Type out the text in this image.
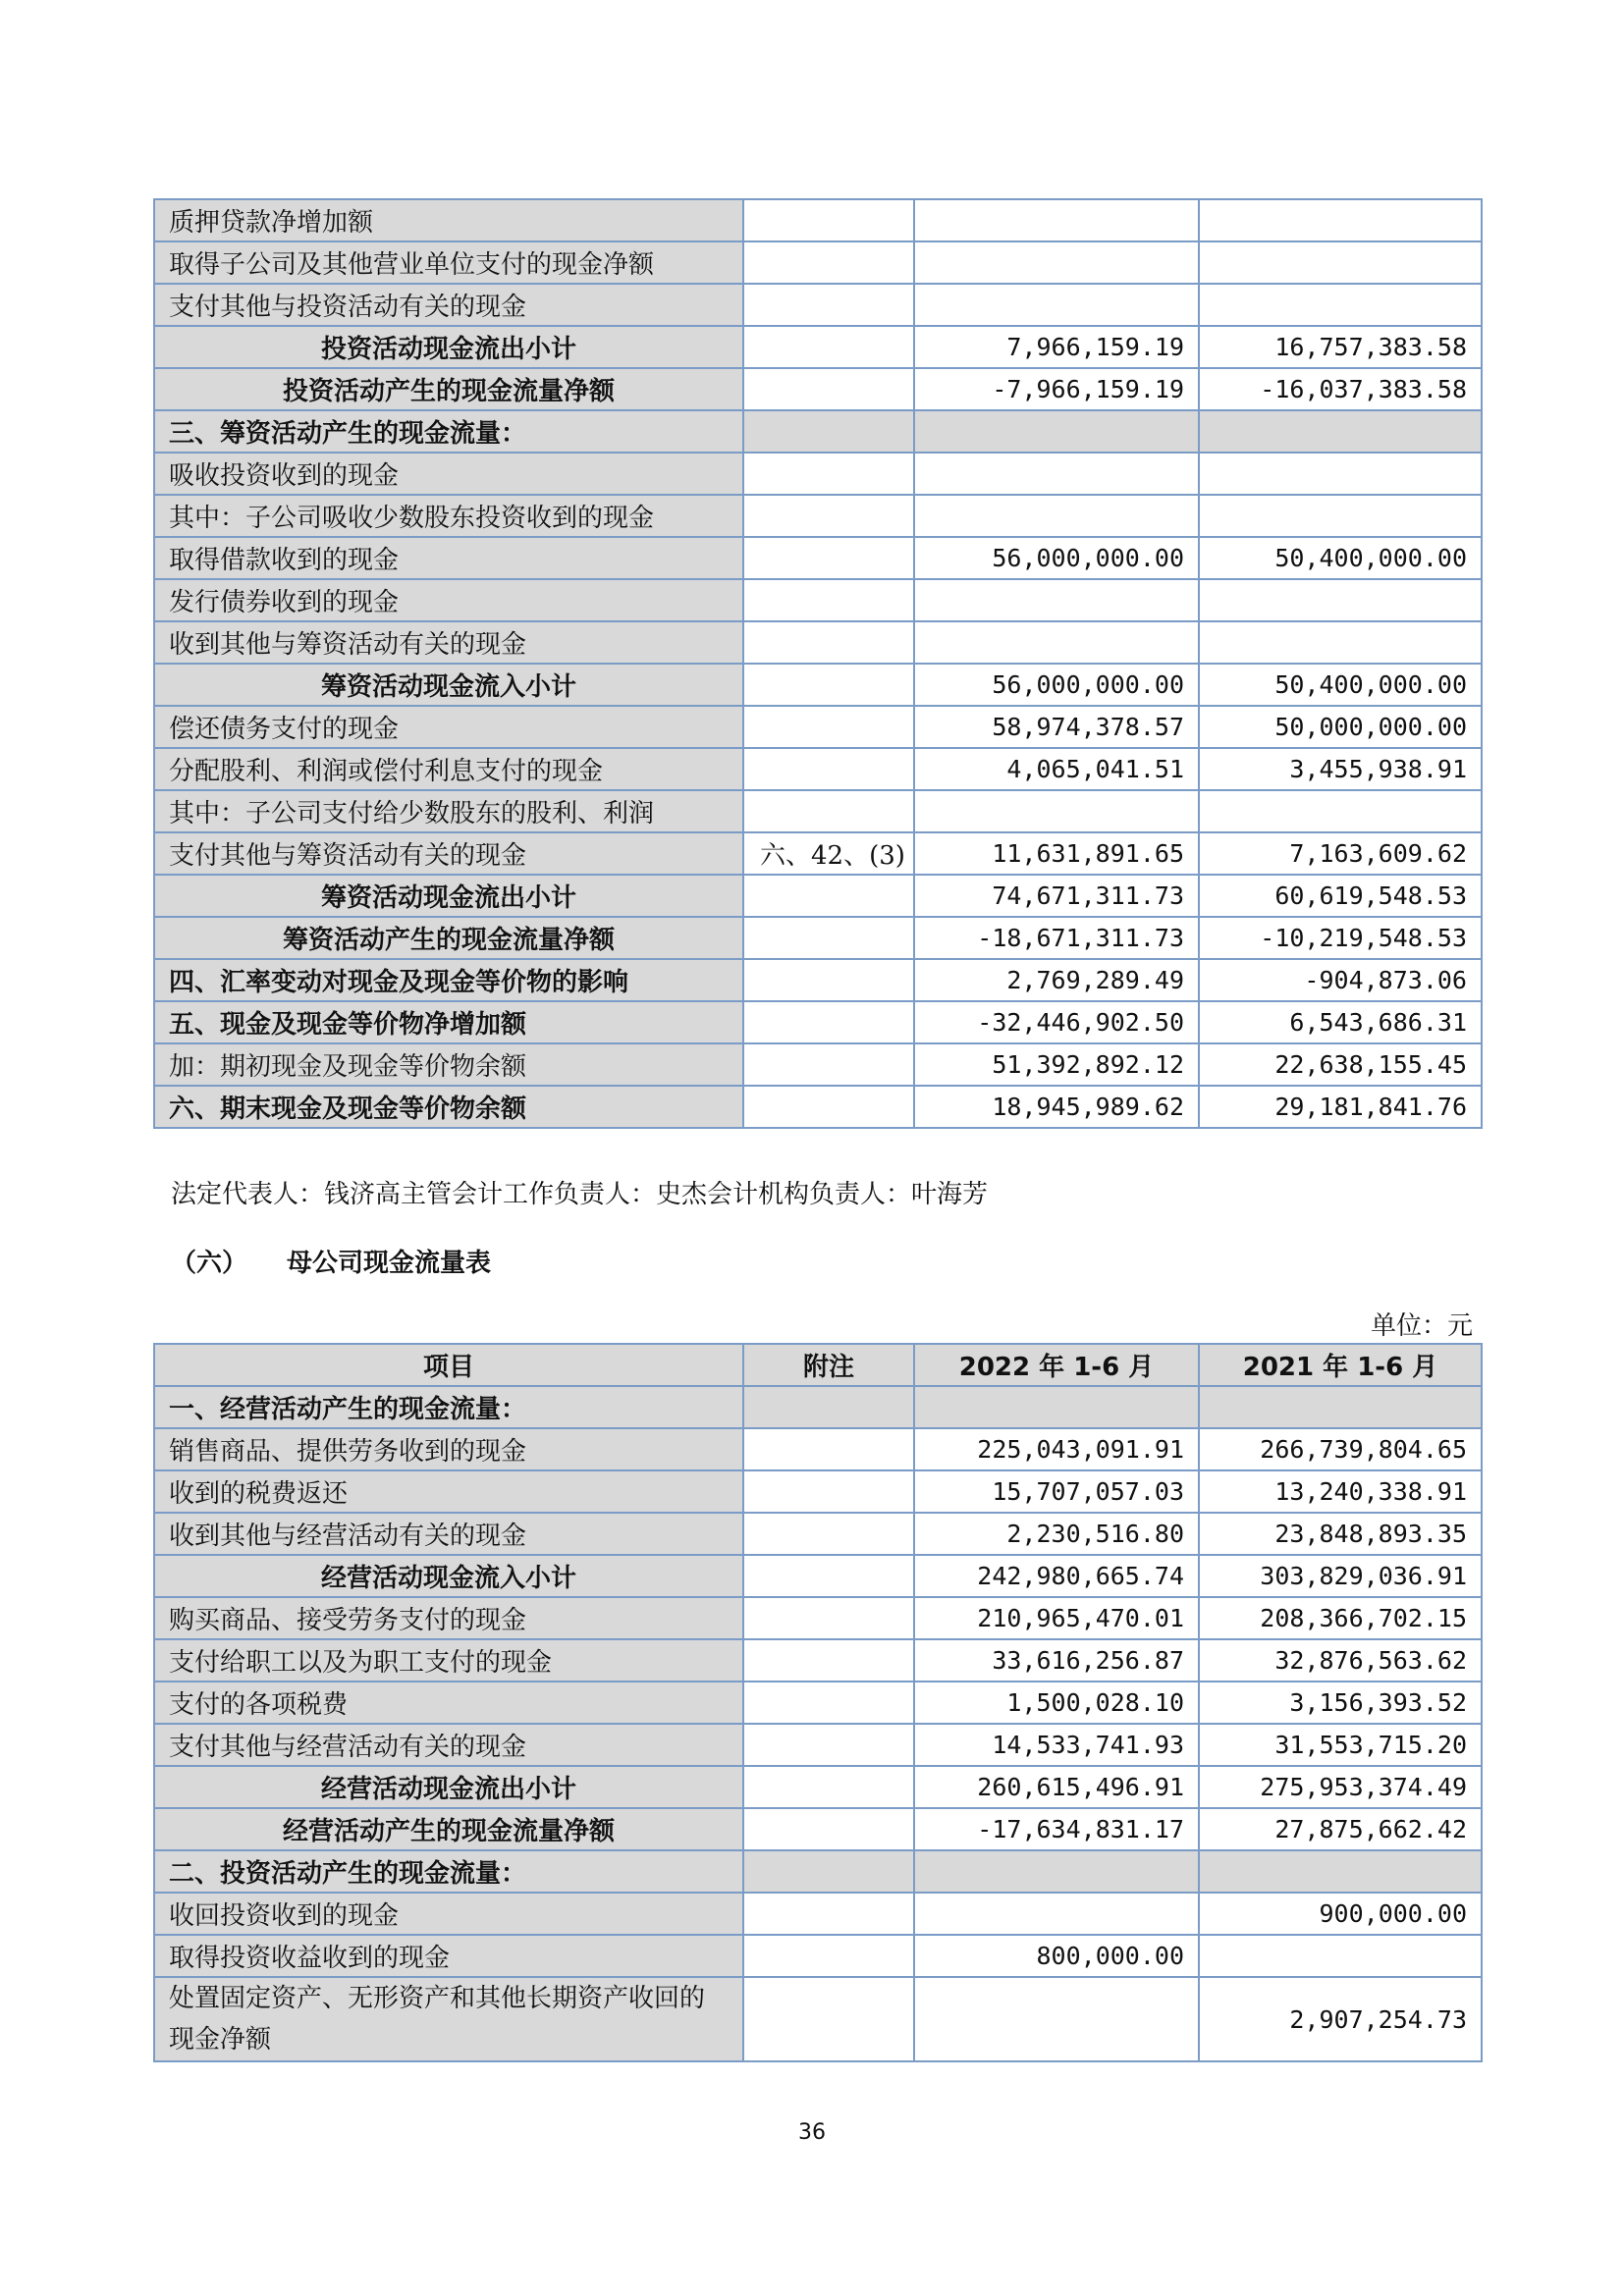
质押贷款净增加额			
取得子公司及其他营业单位支付的现金净额			
支付其他与投资活动有关的现金			
投资活动现金流出小计		7,966,159.19	16,757,383.58
投资活动产生的现金流量净额		-7,966,159.19	-16,037,383.58
三、筹资活动产生的现金流量：			
吸收投资收到的现金			
其中：子公司吸收少数股东投资收到的现金			
取得借款收到的现金		56,000,000.00	50,400,000.00
发行债券收到的现金			
收到其他与筹资活动有关的现金			
筹资活动现金流入小计		56,000,000.00	50,400,000.00
偿还债务支付的现金		58,974,378.57	50,000,000.00
分配股利、利润或偿付利息支付的现金		4,065,041.51	3,455,938.91
其中：子公司支付给少数股东的股利、利润			
支付其他与筹资活动有关的现金	六、42、(3)	11,631,891.65	7,163,609.62
筹资活动现金流出小计		74,671,311.73	60,619,548.53
筹资活动产生的现金流量净额		-18,671,311.73	-10,219,548.53
四、汇率变动对现金及现金等价物的影响		2,769,289.49	-904,873.06
五、现金及现金等价物净增加额		-32,446,902.50	6,543,686.31
加：期初现金及现金等价物余额		51,392,892.12	22,638,155.45
六、期末现金及现金等价物余额		18,945,989.62	29,181,841.76
法定代表人：钱济高主管会计工作负责人：史杰会计机构负责人：叶海芳
（六） 母公司现金流量表
单位：元
项目	附注	2022 年 1-6 月	2021 年 1-6 月
一、经营活动产生的现金流量：			
销售商品、提供劳务收到的现金		225,043,091.91	266,739,804.65
收到的税费返还		15,707,057.03	13,240,338.91
收到其他与经营活动有关的现金		2,230,516.80	23,848,893.35
经营活动现金流入小计		242,980,665.74	303,829,036.91
购买商品、接受劳务支付的现金		210,965,470.01	208,366,702.15
支付给职工以及为职工支付的现金		33,616,256.87	32,876,563.62
支付的各项税费		1,500,028.10	3,156,393.52
支付其他与经营活动有关的现金		14,533,741.93	31,553,715.20
经营活动现金流出小计		260,615,496.91	275,953,374.49
经营活动产生的现金流量净额		-17,634,831.17	27,875,662.42
二、投资活动产生的现金流量：			
收回投资收到的现金			900,000.00
取得投资收益收到的现金		800,000.00	
处置固定资产、无形资产和其他长期资产收回的现金净额			2,907,254.73
36
